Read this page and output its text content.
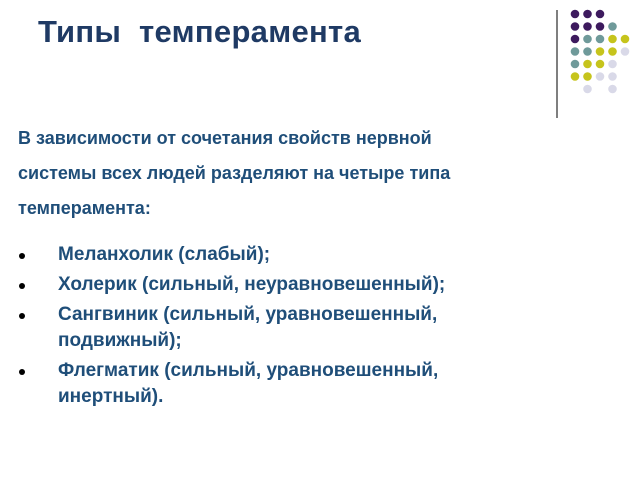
Типы  темперамента
В зависимости от сочетания свойств нервной
системы всех людей разделяют на четыре типа
темперамента:
Меланхолик (слабый);
Холерик (сильный, неуравновешенный);
Сангвиник (сильный, уравновешенный,
подвижный);
Флегматик (сильный, уравновешенный,
инертный).
